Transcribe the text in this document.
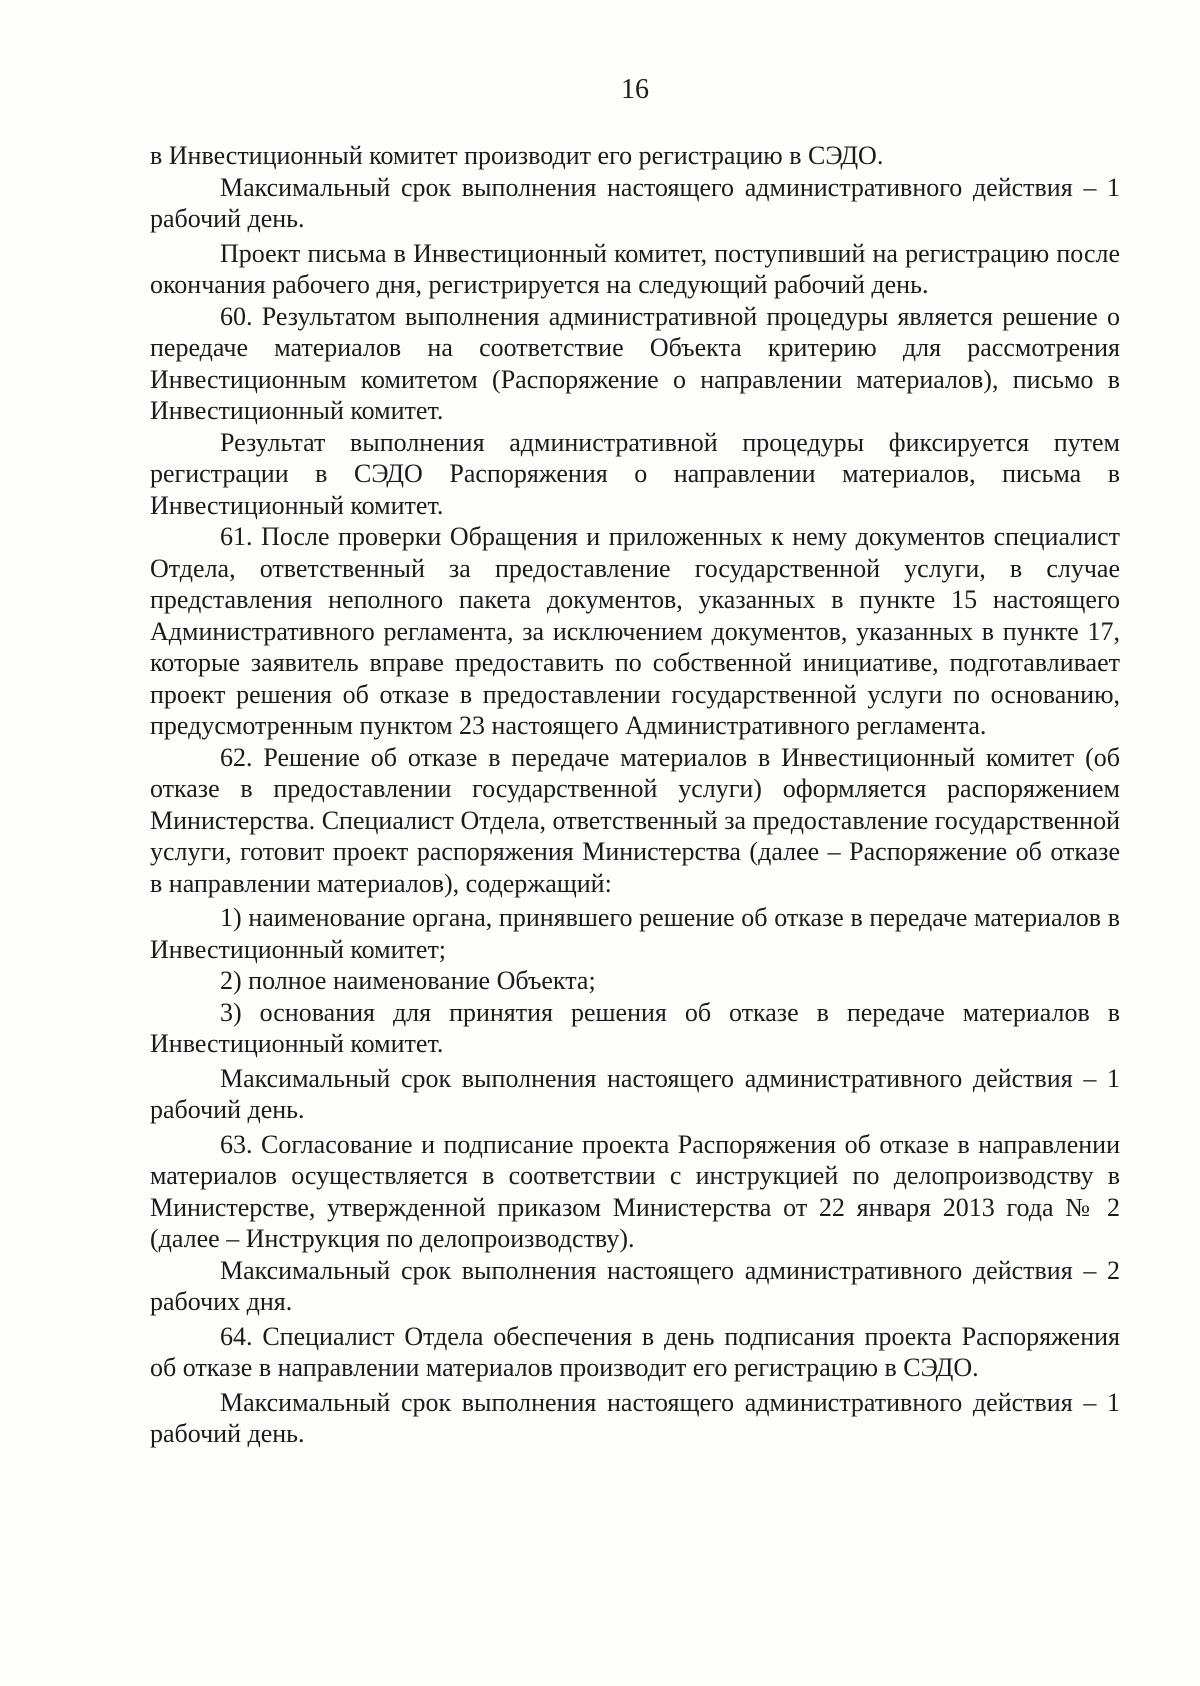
16

в Инвестиционный комитет производит его регистрацию в СЭДО.

Максимальный срок выполнения настоящего административного действия – 1 рабочий день.

Проект письма в Инвестиционный комитет, поступивший на регистрацию после окончания рабочего дня, регистрируется на следующий рабочий день.

60. Результатом выполнения административной процедуры является решение о передаче материалов на соответствие Объекта критерию для рассмотрения Инвестиционным комитетом (Распоряжение о направлении материалов), письмо в Инвестиционный комитет.

Результат выполнения административной процедуры фиксируется путем регистрации в СЭДО Распоряжения о направлении материалов, письма в Инвестиционный комитет.

61. После проверки Обращения и приложенных к нему документов специалист Отдела, ответственный за предоставление государственной услуги, в случае представления неполного пакета документов, указанных в пункте 15 настоящего Административного регламента, за исключением документов, указанных в пункте 17, которые заявитель вправе предоставить по собственной инициативе, подготавливает проект решения об отказе в предоставлении государственной услуги по основанию, предусмотренным пунктом 23 настоящего Административного регламента.

62. Решение об отказе в передаче материалов в Инвестиционный комитет (об отказе в предоставлении государственной услуги) оформляется распоряжением Министерства. Специалист Отдела, ответственный за предоставление государственной услуги, готовит проект распоряжения Министерства (далее – Распоряжение об отказе в направлении материалов), содержащий:

1) наименование органа, принявшего решение об отказе в передаче материалов в Инвестиционный комитет;

2) полное наименование Объекта;

3) основания для принятия решения об отказе в передаче материалов в Инвестиционный комитет.

Максимальный срок выполнения настоящего административного действия – 1 рабочий день.

63. Согласование и подписание проекта Распоряжения об отказе в направлении материалов осуществляется в соответствии с инструкцией по делопроизводству в Министерстве, утвержденной приказом Министерства от 22 января 2013 года № 2 (далее – Инструкция по делопроизводству).

Максимальный срок выполнения настоящего административного действия – 2 рабочих дня.

64. Специалист Отдела обеспечения в день подписания проекта Распоряжения об отказе в направлении материалов производит его регистрацию в СЭДО.

Максимальный срок выполнения настоящего административного действия – 1 рабочий день.
